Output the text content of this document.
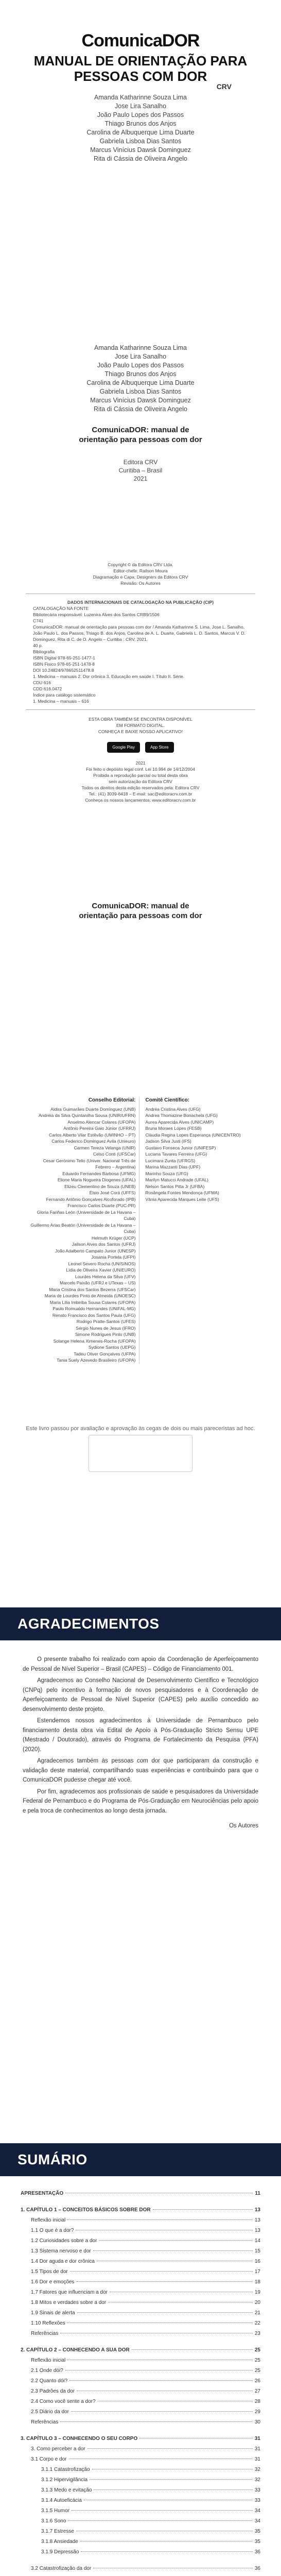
ComunicaDOR
MANUAL DE ORIENTAÇÃO PARA PESSOAS COM DOR
CRV
Amanda Katharinne Souza Lima
Jose Lira Sanalho
João Paulo Lopes dos Passos
Thiago Brunos dos Anjos
Carolina de Albuquerque Lima Duarte
Gabriela Lisboa Dias Santos
Marcus Vinícius Dawsk Dominguez
Rita di Cássia de Oliveira Angelo
Amanda Katharinne Souza Lima
Jose Lira Sanalho
João Paulo Lopes dos Passos
Thiago Brunos dos Anjos
Carolina de Albuquerque Lima Duarte
Gabriela Lisboa Dias Santos
Marcus Vinícius Dawsk Dominguez
Rita di Cássia de Oliveira Angelo
ComunicaDOR: manual de
orientação para pessoas com dor
Editora CRV
Curitiba – Brasil
2021
Copyright © da Editora CRV Ltda.
Editor-chefe: Railson Moura
Diagramação e Capa: Designers da Editora CRV
Revisão: Os Autores
DADOS INTERNACIONAIS DE CATALOGAÇÃO NA PUBLICAÇÃO (CIP)
CATALOGAÇÃO NA FONTE
Bibliotecária responsável: Luzenira Alves dos Santos CRB9/1506
C741
ComunicaDOR: manual de orientação para pessoas com dor / Amanda Katharinne S. Lima, Jose L. Sanalho, João Paulo L. dos Passos, Thiago B. dos Anjos, Carolina de A. L. Duarte, Gabriela L. D. Santos, Marcus V. D. Dominguez, Rita di C. de O. Angelo – Curitiba : CRV, 2021.
40 p.
Bibliografia
ISBN Digital 978-65-251-1477-1
ISBN Físico 978-65-251-1478-8
DOI 10.24824/978652511478.8
1. Medicina – manuais 2. Dor crônica 3. Educação em saúde I. Título II. Série.
CDU 616
CDD 616.0472
Índice para catálogo sistemático
1. Medicina – manuais – 616
ESTA OBRA TAMBÉM SE ENCONTRA DISPONÍVEL
EM FORMATO DIGITAL.
CONHEÇA E BAIXE NOSSO APLICATIVO!
Google Play	App Store
2021
Foi feito o depósito legal conf. Lei 10.994 de 14/12/2004
Proibida a reprodução parcial ou total desta obra
sem autorização da Editora CRV
Todos os direitos desta edição reservados pela: Editora CRV
Tel.: (41) 3039-6418 – E-mail: sac@editoracrv.com.br
Conheça os nossos lançamentos: www.editoracrv.com.br
ComunicaDOR: manual de
orientação para pessoas com dor
Conselho Editorial:
Aldira Guimarães Duarte Domínguez (UNB)
Andréia da Silva Quintanilha Sousa (UNIR/UFRN)
Anselmo Alencar Colares (UFOPA)
Antônio Pereira Gaio Júnior (UFRRJ)
Carlos Alberto Vilar Estêvão (UMINHO – PT)
Carlos Federico Dominguez Avila (Unieuro)
Carmen Tereza Velanga (UNIR)
Celso Conti (UFSCar)
Cesar Gerónimo Tello (Univer. Nacional Três de Febrero – Argentina)
Eduardo Fernandes Barbosa (UFMG)
Elione Maria Nogueira Diogenes (UFAL)
Elizeu Clementino de Souza (UNEB)
Élsio José Corá (UFFS)
Fernando Antônio Gonçalves Alcoforado (IPB)
Francisco Carlos Duarte (PUC-PR)
Gloria Fariñas León (Universidade de La Havana – Cuba)
Guillermo Arias Beatón (Universidade de La Havana – Cuba)
Helmuth Krüger (UCP)
Jailson Alves dos Santos (UFRJ)
João Adalberto Campato Junior (UNESP)
Josania Portela (UFPI)
Leonel Severo Rocha (UNISINOS)
Lídia de Oliveira Xavier (UNIEURO)
Lourdes Helena da Silva (UFV)
Marcelo Paixão (UFRJ e UTexas – US)
Maria Cristina dos Santos Bezerra (UFSCar)
Maria de Lourdes Pinto de Almeida (UNOESC)
Maria Lília Imbiriba Sousa Colares (UFOPA)
Paulo Romualdo Hernandes (UNIFAL-MG)
Renato Francisco dos Santos Paula (UFG)
Rodrigo Pratte-Santos (UFES)
Sérgio Nunes de Jesus (IFRO)
Simone Rodrigues Pinto (UNB)
Solange Helena Ximenes-Rocha (UFOPA)
Sydione Santos (UEPG)
Tadeu Oliver Gonçalves (UFPA)
Tania Suely Azevedo Brasileiro (UFOPA)
Comitê Científico:
Andréa Cristina Alves (UFG)
Andrea Thomazine Bonachela (UFG)
Aurea Aparecida Alves (UNICAMP)
Bruna Moraes Lopes (FESB)
Cláudia Regina Lopes Esperança (UNICENTRO)
Jadson Silva Justi (IFS)
Gustavo Fonseca Junior (UNIFESP)
Luciana Tavares Ferreira (UFG)
Lucimara Zunta (UFRGS)
Marina Mazzanti Dias (UPF)
Marinho Souza (UFG)
Marilyn Matucci Andrade (UFAL)
Nelson Santos Pitta Jr (UFBA)
Rosângela Fontes Mendonça (UFMA)
Vânia Aparecida Marques Leite (UFS)
Este livro passou por avaliação e aprovação às cegas de dois ou mais pareceristas ad hoc.
AGRADECIMENTOS

O presente trabalho foi realizado com apoio da Coordenação de Aperfeiçoamento de Pessoal de Nível Superior – Brasil (CAPES) – Código de Financiamento 001.

Agradecemos ao Conselho Nacional de Desenvolvimento Científico e Tecnológico (CNPq) pelo incentivo à formação de novos pesquisadores e à Coordenação de Aperfeiçoamento de Pessoal de Nível Superior (CAPES) pelo auxílio concedido ao desenvolvimento deste projeto.

Estendemos nossos agradecimentos à Universidade de Pernambuco pelo financiamento desta obra via Edital de Apoio à Pós-Graduação Stricto Sensu UPE (Mestrado / Doutorado), através do Programa de Fortalecimento da Pesquisa (PFA) (2020).

Agradecemos também às pessoas com dor que participaram da construção e validação deste material, compartilhando suas experiências e contribuindo para que o ComunicaDOR pudesse chegar até você.

Por fim, agradecemos aos profissionais de saúde e pesquisadores da Universidade Federal de Pernambuco e do Programa de Pós-Graduação em Neurociências pelo apoio e pela troca de conhecimentos ao longo desta jornada.

Os Autores
SUMÁRIO
APRESENTAÇÃO	11
1. CAPÍTULO 1 – CONCEITOS BÁSICOS SOBRE DOR	13
Reflexão inicial	13
1.1 O que é a dor?	13
1.2 Curiosidades sobre a dor	14
1.3 Sistema nervoso e dor	15
1.4 Dor aguda e dor crônica	16
1.5 Tipos de dor	17
1.6 Dor e emoções	18
1.7 Fatores que influenciam a dor	19
1.8 Mitos e verdades sobre a dor	20
1.9 Sinais de alerta	21
1.10 Reflexões	22
Referências	23
2. CAPÍTULO 2 – CONHECENDO A SUA DOR	25
Reflexão inicial	25
2.1 Onde dói?	25
2.2 Quanto dói?	26
2.3 Padrões da dor	27
2.4 Como você sente a dor?	28
2.5 Diário da dor	29
Referências	30
3. CAPÍTULO 3 – CONHECENDO O SEU CORPO	31
3. Como perceber a dor	31
3.1 Corpo e dor	31
3.1.1 Catastrofização	32
3.1.2 Hipervigilância	32
3.1.3 Medo e evitação	33
3.1.4 Autoeficácia	33
3.1.5 Humor	34
3.1.6 Sono	34
3.1.7 Estresse	35
3.1.8 Ansiedade	35
3.1.9 Depressão	36
3.2 Catastrofização da dor	36
